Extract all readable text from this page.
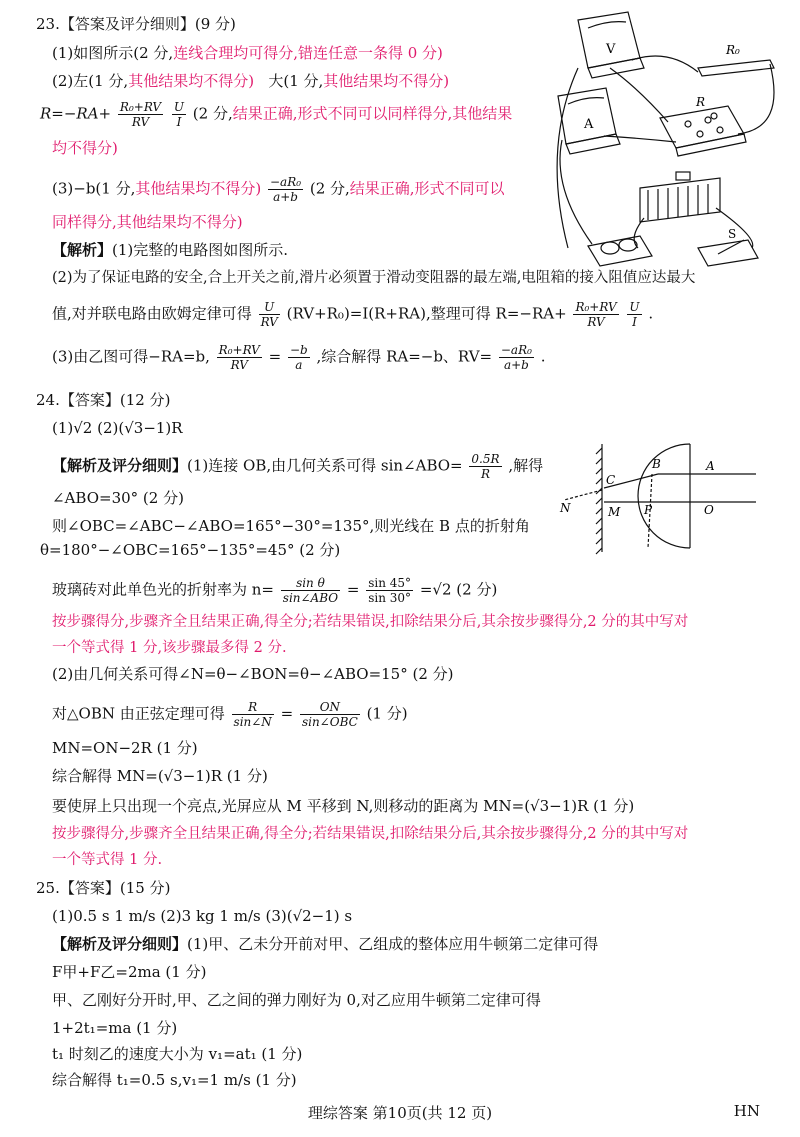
23.【答案及评分细则】(9 分)
(1)如图所示(2 分,连线合理均可得分,错连任意一条得 0 分)
(2)左(1 分,其他结果均不得分) 大(1 分,其他结果均不得分)
$R=-RA+ \frac{\text{R₀+RV}}{RV}$
$\frac{U}{I} (2$ 分,结果正确,形式不同可以同样得分,其他结果
均不得分)
(3)−b(1 分,其他结果均不得分) $\frac{\text{−aR₀}}{a+b} (2$ 分,结果正确,形式不同可以
同样得分,其他结果均不得分)
【解析】(1)完整的电路图如图所示.
(2)为了保证电路的安全,合上开关之前,滑片必须置于滑动变阻器的最左端,电阻箱的接入阻值应达最大
值,对并联电路由欧姆定律可得 $\frac{U}{RV} (RV+R_0)=I(R+RA)$,整理可得 $R=-RA+ \frac{\text{R₀+RV}}{RV}$
$\frac{U}{I}$ .
(3)由乙图可得−RA=b, $\frac{\text{R₀+RV}}{RV} = \frac{-b}{a}$ ,综合解得 RA=−b、$RV= \frac{\text{−aR₀}}{a+b}$ .
V
A
R₀
R
S
24.【答案】(12 分)
(1)√2 (2)(√3−1)R
【解析及评分细则】(1)连接 OB,由几何关系可得 sin∠ABO= $\frac{0.5R}{R}$ ,解得
∠ABO=30° (2 分)
则∠OBC=∠ABC−∠ABO=165°−30°=135°,则光线在 B 点的折射角
θ=180°−∠OBC=165°−135°=45° (2 分)
玻璃砖对此单色光的折射率为 n=	sin θ
sin∠ABO = $\frac{\sin 45^\circ}{\sin 30^\circ} =√2$ (2 分)
按步骤得分,步骤齐全且结果正确,得全分;若结果错误,扣除结果分后,其余按步骤得分,2 分的其中写对
一个等式得 1 分,该步骤最多得 2 分.
(2)由几何关系可得∠N=θ−∠BON=θ−∠ABO=15° (2 分)
对△OBN 由正弦定理可得 $\frac{R}{\sin\angle N}$ =	ON
sin∠OBC (1 分)
MN=ON−2R (1 分)
综合解得 MN=(√3−1)R (1 分)
要使屏上只出现一个亮点,光屏应从 M 平移到 N,则移动的距离为 MN=(√3−1)R (1 分)
按步骤得分,步骤齐全且结果正确,得全分;若结果错误,扣除结果分后,其余按步骤得分,2 分的其中写对
一个等式得 1 分.
A
B
C
O
P
M
N
25.【答案】(15 分)
(1)0.5 s 1 m/s (2)3 kg 1 m/s (3)(√2−1) s
【解析及评分细则】(1)甲、乙未分开前对甲、乙组成的整体应用牛顿第二定律可得
F甲+F乙=2ma (1 分)
甲、乙刚好分开时,甲、乙之间的弹力刚好为 0,对乙应用牛顿第二定律可得
1+2t₁=ma (1 分)
t₁ 时刻乙的速度大小为 v₁=at₁ (1 分)
综合解得 t₁=0.5 s,v₁=1 m/s (1 分)
理综答案 第10页(共 12 页)	HN
